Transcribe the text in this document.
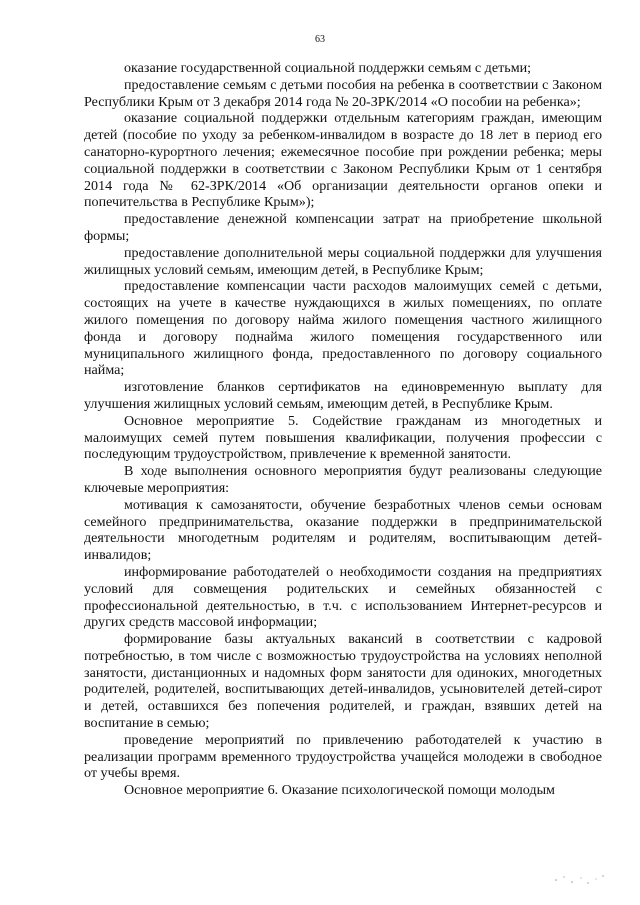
63

оказание государственной социальной поддержки семьям с детьми;

предоставление семьям с детьми пособия на ребенка в соответствии с Законом Республики Крым от 3 декабря 2014 года № 20-ЗРК/2014 «О пособии на ребенка»;

оказание социальной поддержки отдельным категориям граждан, имеющим детей (пособие по уходу за ребенком-инвалидом в возрасте до 18 лет в период его санаторно-курортного лечения; ежемесячное пособие при рождении ребенка; меры социальной поддержки в соответствии с Законом Республики Крым от 1 сентября 2014 года № 62-ЗРК/2014 «Об организации деятельности органов опеки и попечительства в Республике Крым»);

предоставление денежной компенсации затрат на приобретение школьной формы;

предоставление дополнительной меры социальной поддержки для улучшения жилищных условий семьям, имеющим детей, в Республике Крым;

предоставление компенсации части расходов малоимущих семей с детьми, состоящих на учете в качестве нуждающихся в жилых помещениях, по оплате жилого помещения по договору найма жилого помещения частного жилищного фонда и договору поднайма жилого помещения государственного или муниципального жилищного фонда, предоставленного по договору социального найма;

изготовление бланков сертификатов на единовременную выплату для улучшения жилищных условий семьям, имеющим детей, в Республике Крым.

Основное мероприятие 5. Содействие гражданам из многодетных и малоимущих семей путем повышения квалификации, получения профессии с последующим трудоустройством, привлечение к временной занятости.

В ходе выполнения основного мероприятия будут реализованы следующие ключевые мероприятия:

мотивация к самозанятости, обучение безработных членов семьи основам семейного предпринимательства, оказание поддержки в предпринимательской деятельности многодетным родителям и родителям, воспитывающим детей-инвалидов;

информирование работодателей о необходимости создания на предприятиях условий для совмещения родительских и семейных обязанностей с профессиональной деятельностью, в т.ч. с использованием Интернет-ресурсов и других средств массовой информации;

формирование базы актуальных вакансий в соответствии с кадровой потребностью, в том числе с возможностью трудоустройства на условиях неполной занятости, дистанционных и надомных форм занятости для одиноких, многодетных родителей, родителей, воспитывающих детей-инвалидов, усыновителей детей-сирот и детей, оставшихся без попечения родителей, и граждан, взявших детей на воспитание в семью;

проведение мероприятий по привлечению работодателей к участию в реализации программ временного трудоустройства учащейся молодежи в свободное от учебы время.

Основное мероприятие 6. Оказание психологической помощи молодым
